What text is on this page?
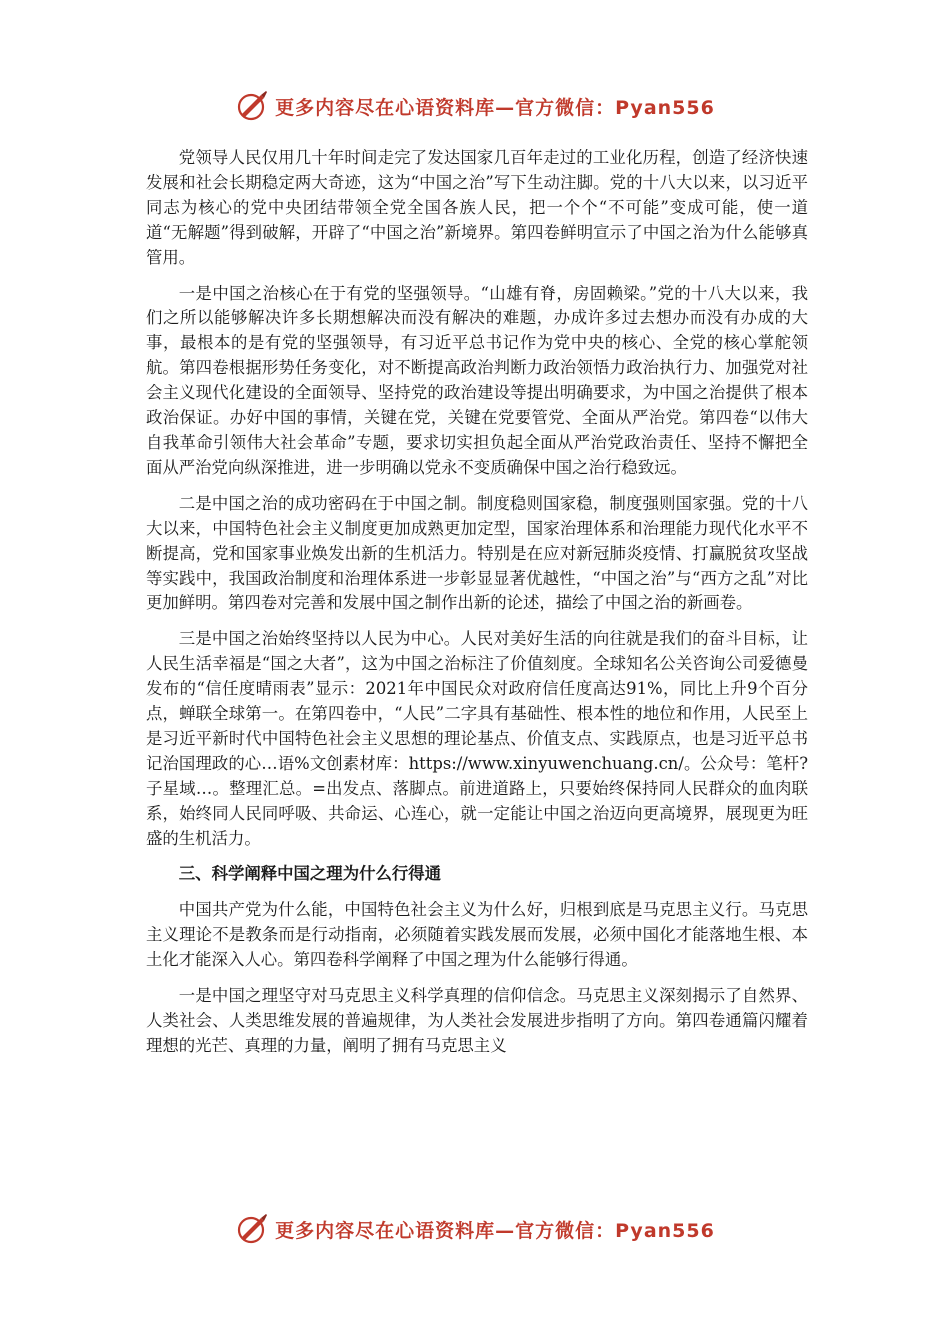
更多内容尽在心语资料库—官方微信：Pyan556

党领导人民仅用几十年时间走完了发达国家几百年走过的工业化历程，创造了经济快速发展和社会长期稳定两大奇迹，这为“中国之治”写下生动注脚。党的十八大以来，以习近平同志为核心的党中央团结带领全党全国各族人民，把一个个“不可能”变成可能，使一道道“无解题”得到破解，开辟了“中国之治”新境界。第四卷鲜明宣示了中国之治为什么能够真管用。

一是中国之治核心在于有党的坚强领导。“山雄有脊，房固赖梁。”党的十八大以来，我们之所以能够解决许多长期想解决而没有解决的难题，办成许多过去想办而没有办成的大事，最根本的是有党的坚强领导，有习近平总书记作为党中央的核心、全党的核心掌舵领航。第四卷根据形势任务变化，对不断提高政治判断力政治领悟力政治执行力、加强党对社会主义现代化建设的全面领导、坚持党的政治建设等提出明确要求，为中国之治提供了根本政治保证。办好中国的事情，关键在党，关键在党要管党、全面从严治党。第四卷“以伟大自我革命引领伟大社会革命”专题，要求切实担负起全面从严治党政治责任、坚持不懈把全面从严治党向纵深推进，进一步明确以党永不变质确保中国之治行稳致远。

二是中国之治的成功密码在于中国之制。制度稳则国家稳，制度强则国家强。党的十八大以来，中国特色社会主义制度更加成熟更加定型，国家治理体系和治理能力现代化水平不断提高，党和国家事业焕发出新的生机活力。特别是在应对新冠肺炎疫情、打赢脱贫攻坚战等实践中，我国政治制度和治理体系进一步彰显显著优越性，“中国之治”与“西方之乱”对比更加鲜明。第四卷对完善和发展中国之制作出新的论述，描绘了中国之治的新画卷。

三是中国之治始终坚持以人民为中心。人民对美好生活的向往就是我们的奋斗目标，让人民生活幸福是“国之大者”，这为中国之治标注了价值刻度。全球知名公关咨询公司爱德曼发布的“信任度晴雨表”显示：2021年中国民众对政府信任度高达91%，同比上升9个百分点，蝉联全球第一。在第四卷中，“人民”二字具有基础性、根本性的地位和作用，人民至上是习近平新时代中国特色社会主义思想的理论基点、价值支点、实践原点，也是习近平总书记治国理政的心…语%文创素材库：https://www.xinyuwenchuang.cn/。公众号：笔杆?子星域…。整理汇总。=出发点、落脚点。前进道路上，只要始终保持同人民群众的血肉联系，始终同人民同呼吸、共命运、心连心，就一定能让中国之治迈向更高境界，展现更为旺盛的生机活力。

三、科学阐释中国之理为什么行得通

中国共产党为什么能，中国特色社会主义为什么好，归根到底是马克思主义行。马克思主义理论不是教条而是行动指南，必须随着实践发展而发展，必须中国化才能落地生根、本土化才能深入人心。第四卷科学阐释了中国之理为什么能够行得通。

一是中国之理坚守对马克思主义科学真理的信仰信念。马克思主义深刻揭示了自然界、人类社会、人类思维发展的普遍规律，为人类社会发展进步指明了方向。第四卷通篇闪耀着理想的光芒、真理的力量，阐明了拥有马克思主义

更多内容尽在心语资料库—官方微信：Pyan556
